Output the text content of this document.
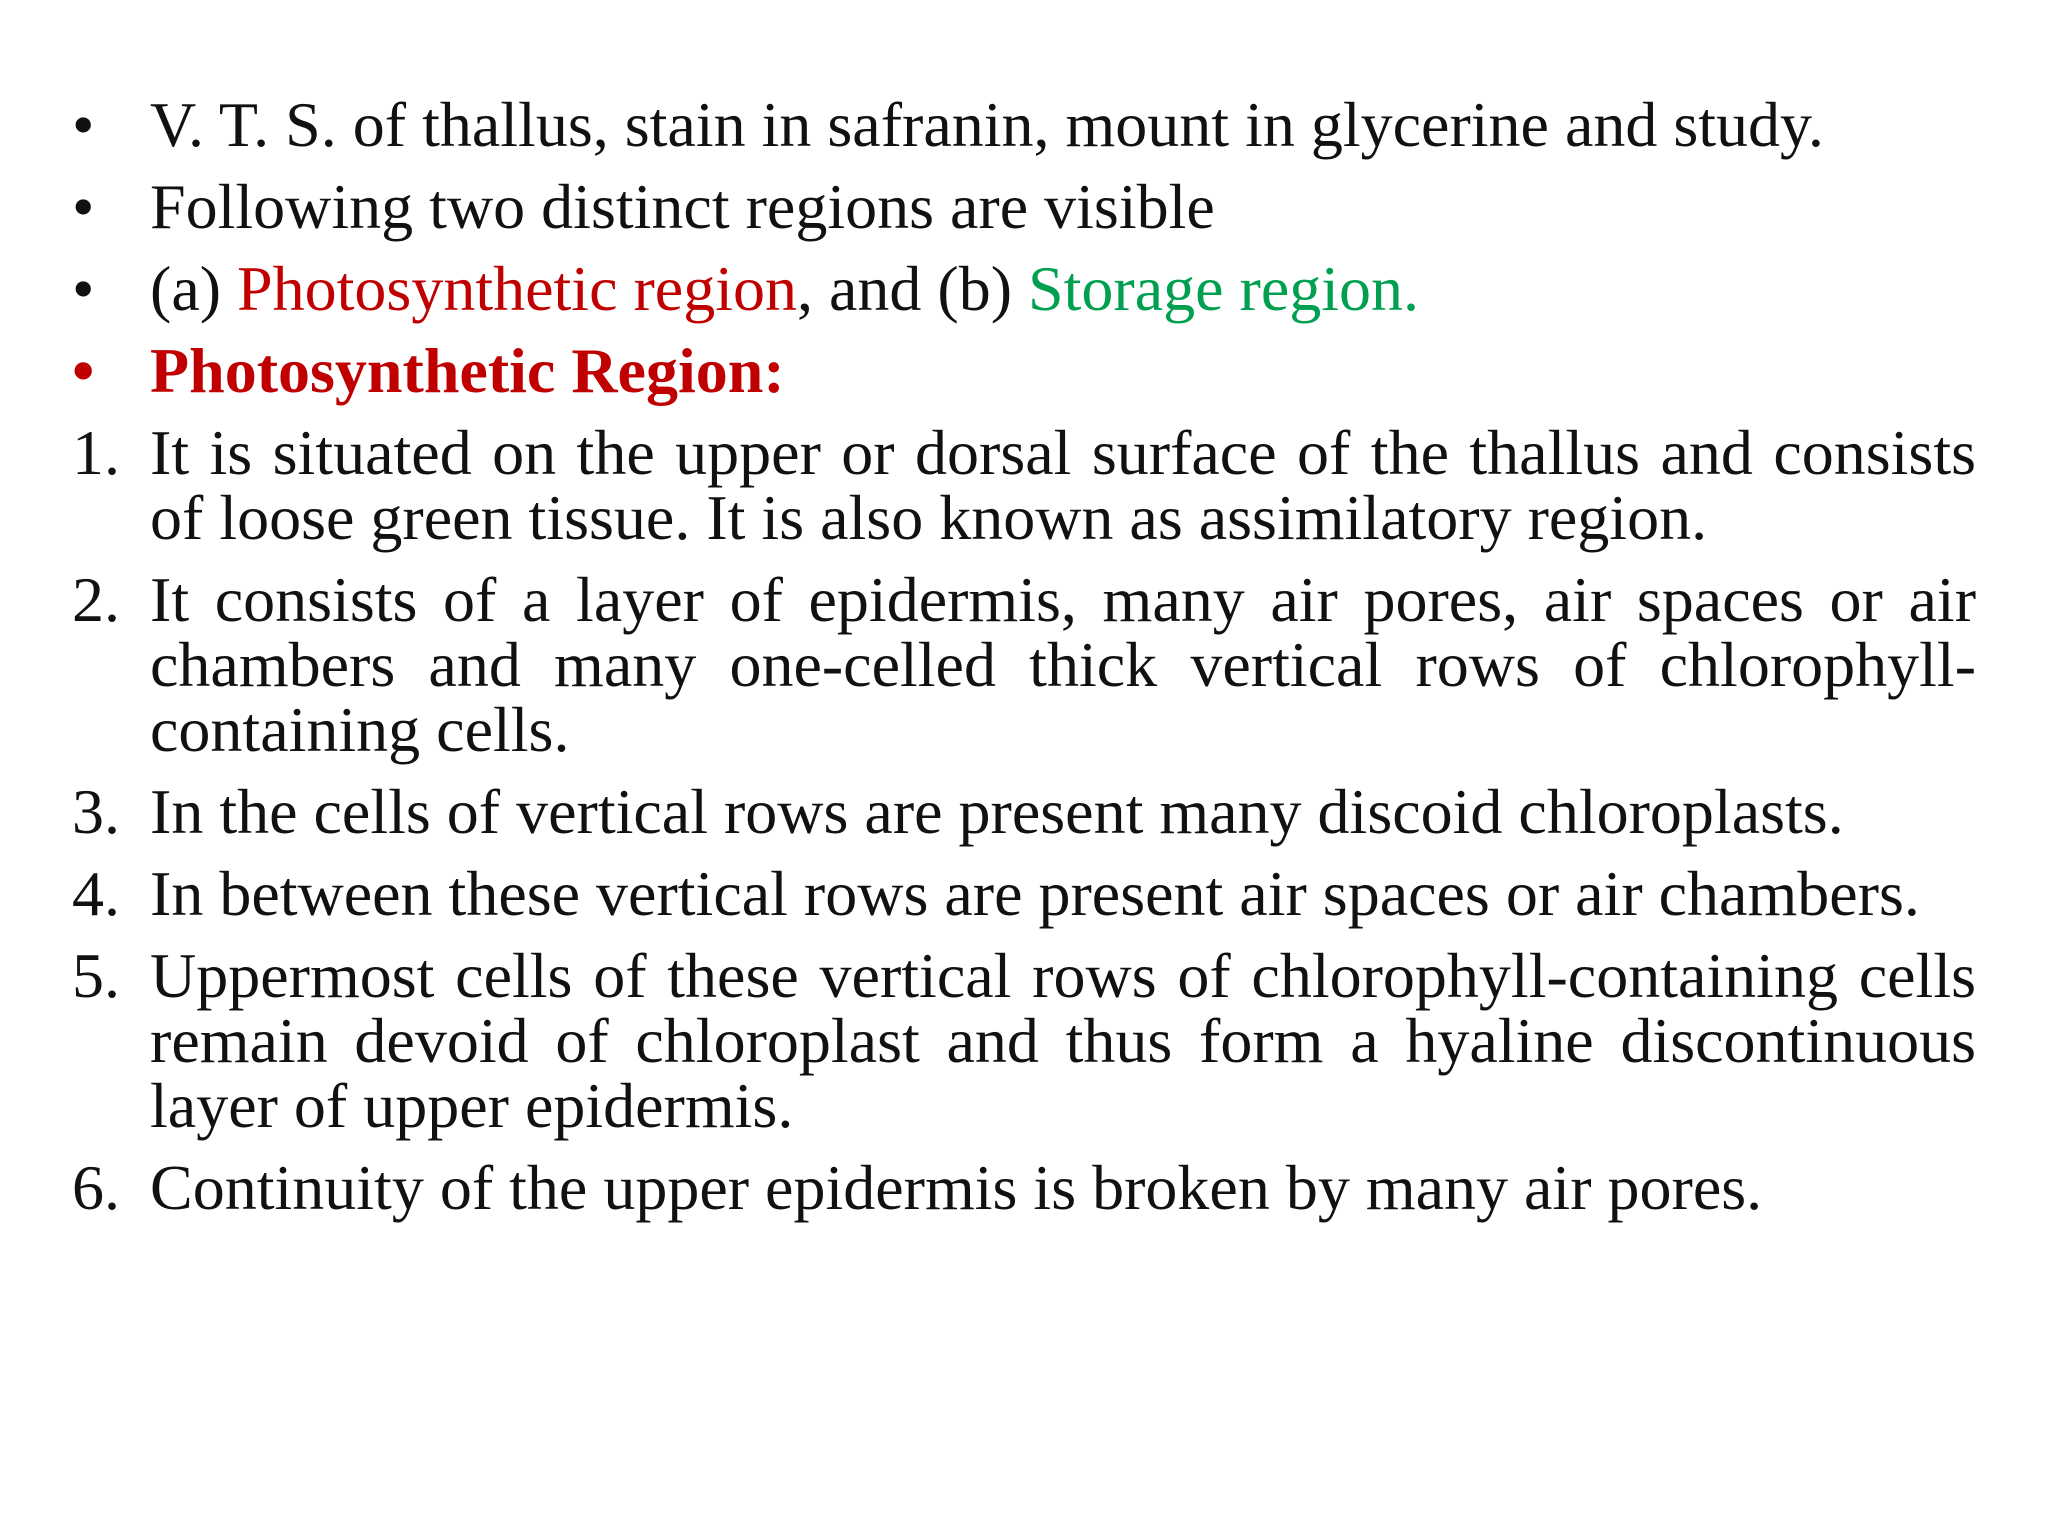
• V. T. S. of thallus, stain in safranin, mount in glycerine and study.
• Following two distinct regions are visible
• (a) Photosynthetic region, and (b) Storage region.
• Photosynthetic Region:
1. It is situated on the upper or dorsal surface of the thallus and consists of loose green tissue. It is also known as assimilatory region.
2. It consists of a layer of epidermis, many air pores, air spaces or air chambers and many one-celled thick vertical rows of chlorophyll-containing cells.
3. In the cells of vertical rows are present many discoid chloroplasts.
4. In between these vertical rows are present air spaces or air chambers.
5. Uppermost cells of these vertical rows of chlorophyll-containing cells remain devoid of chloroplast and thus form a hyaline discontinuous layer of upper epidermis.
6. Continuity of the upper epidermis is broken by many air pores.
